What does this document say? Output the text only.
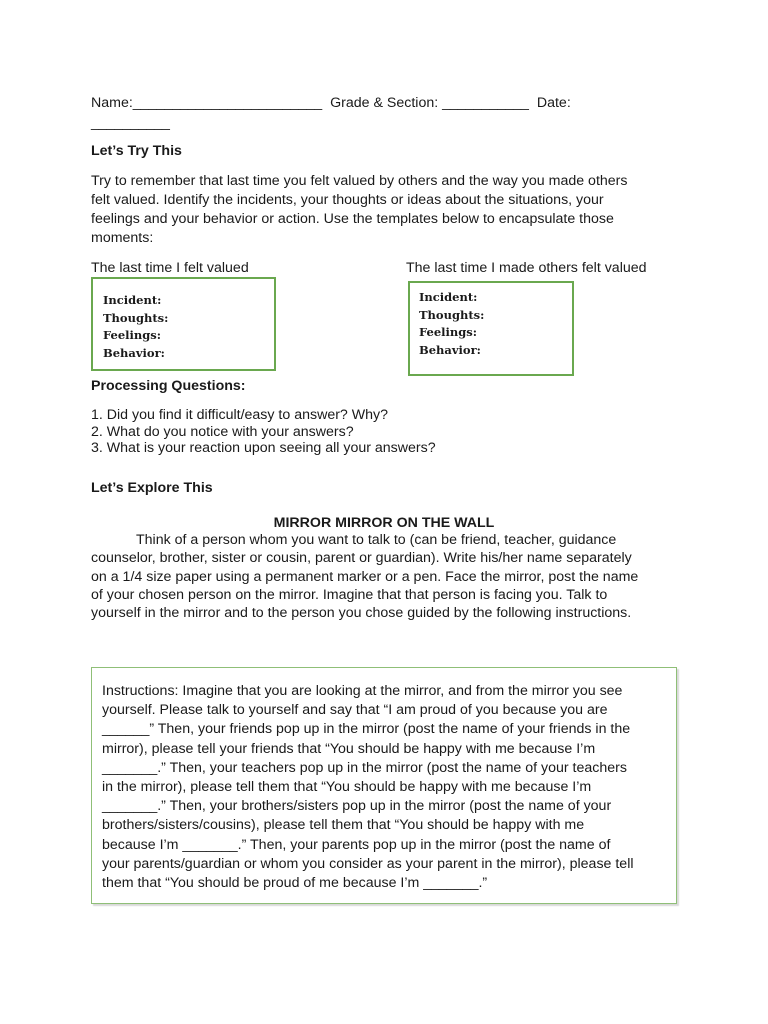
Name:________________________ Grade & Section: ___________ Date:
__________
Let’s Try This
Try to remember that last time you felt valued by others and the way you made others
felt valued. Identify the incidents, your thoughts or ideas about the situations, your
feelings and your behavior or action. Use the templates below to encapsulate those
moments:
The last time I felt valued	The last time I made others felt valued
Incident:
Thoughts:
Feelings:
Behavior:
Incident:
Thoughts:
Feelings:
Behavior:
Processing Questions:
1. Did you find it difficult/easy to answer? Why?
2. What do you notice with your answers?
3. What is your reaction upon seeing all your answers?
Let’s Explore This
MIRROR MIRROR ON THE WALL
Think of a person whom you want to talk to (can be friend, teacher, guidance
counselor, brother, sister or cousin, parent or guardian). Write his/her name separately
on a 1/4 size paper using a permanent marker or a pen. Face the mirror, post the name
of your chosen person on the mirror. Imagine that that person is facing you. Talk to
yourself in the mirror and to the person you chose guided by the following instructions.
Instructions: Imagine that you are looking at the mirror, and from the mirror you see
yourself. Please talk to yourself and say that “I am proud of you because you are
______” Then, your friends pop up in the mirror (post the name of your friends in the
mirror), please tell your friends that “You should be happy with me because I’m
_______.” Then, your teachers pop up in the mirror (post the name of your teachers
in the mirror), please tell them that “You should be happy with me because I’m
_______.” Then, your brothers/sisters pop up in the mirror (post the name of your
brothers/sisters/cousins), please tell them that “You should be happy with me
because I’m _______.” Then, your parents pop up in the mirror (post the name of
your parents/guardian or whom you consider as your parent in the mirror), please tell
them that “You should be proud of me because I’m _______.”
